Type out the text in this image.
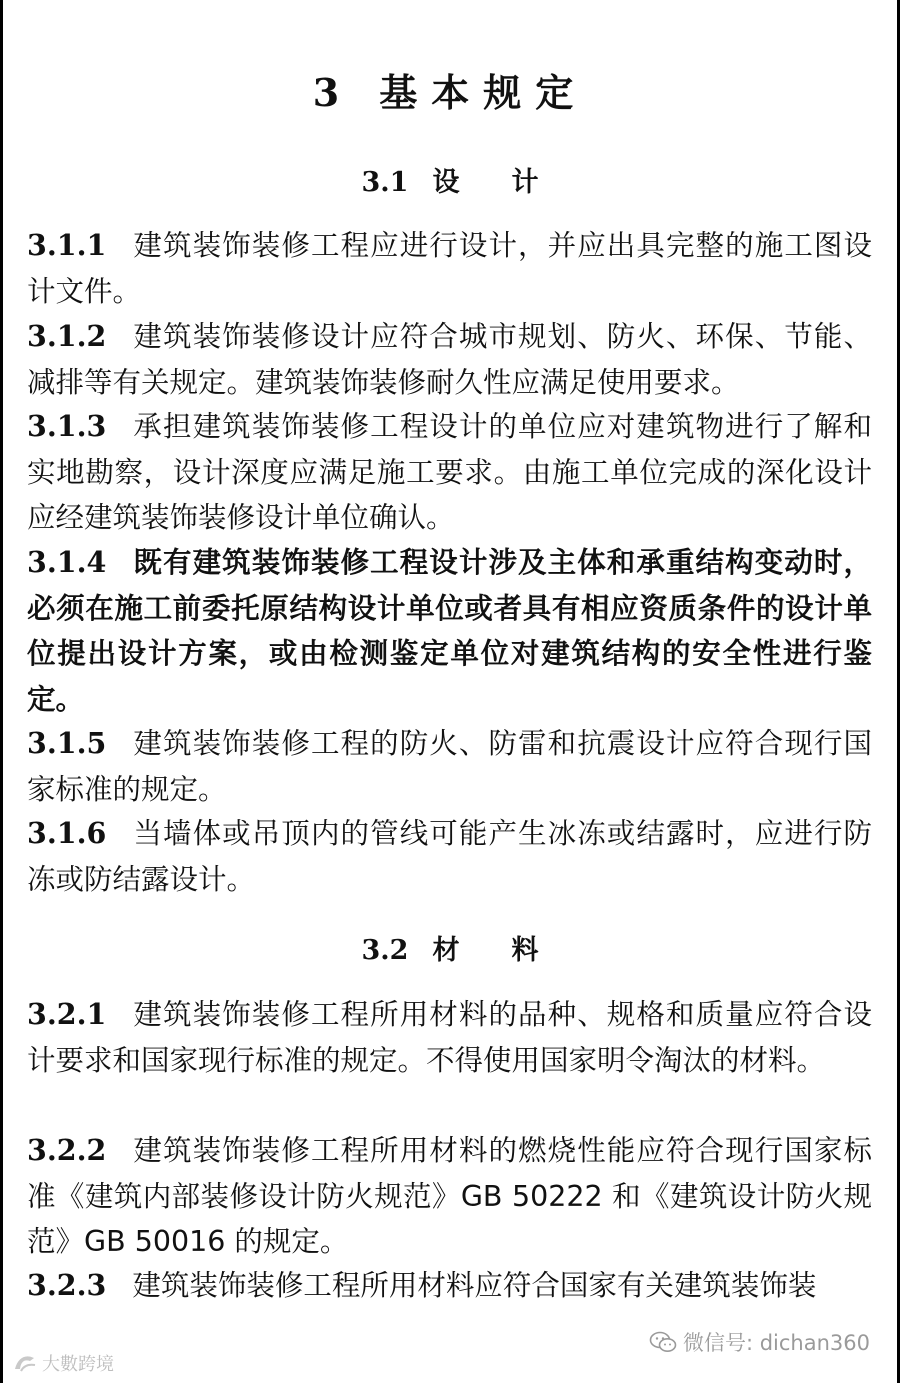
3 基本规定
3.1 设计
3.1.1 建筑装饰装修工程应进行设计，并应出具完整的施工图设计文件。
3.1.2 建筑装饰装修设计应符合城市规划、防火、环保、节能、减排等有关规定。建筑装饰装修耐久性应满足使用要求。
3.1.3 承担建筑装饰装修工程设计的单位应对建筑物进行了解和实地勘察，设计深度应满足施工要求。由施工单位完成的深化设计应经建筑装饰装修设计单位确认。
3.1.4 既有建筑装饰装修工程设计涉及主体和承重结构变动时，必须在施工前委托原结构设计单位或者具有相应资质条件的设计单位提出设计方案，或由检测鉴定单位对建筑结构的安全性进行鉴定。
3.1.5 建筑装饰装修工程的防火、防雷和抗震设计应符合现行国家标准的规定。
3.1.6 当墙体或吊顶内的管线可能产生冰冻或结露时，应进行防冻或防结露设计。
3.2 材料
3.2.1 建筑装饰装修工程所用材料的品种、规格和质量应符合设计要求和国家现行标准的规定。不得使用国家明令淘汰的材料。
3.2.2 建筑装饰装修工程所用材料的燃烧性能应符合现行国家标准《建筑内部装修设计防火规范》GB 50222 和《建筑设计防火规范》GB 50016 的规定。
3.2.3 建筑装饰装修工程所用材料应符合国家有关建筑装饰装
微信号: dichan360
大數跨境
